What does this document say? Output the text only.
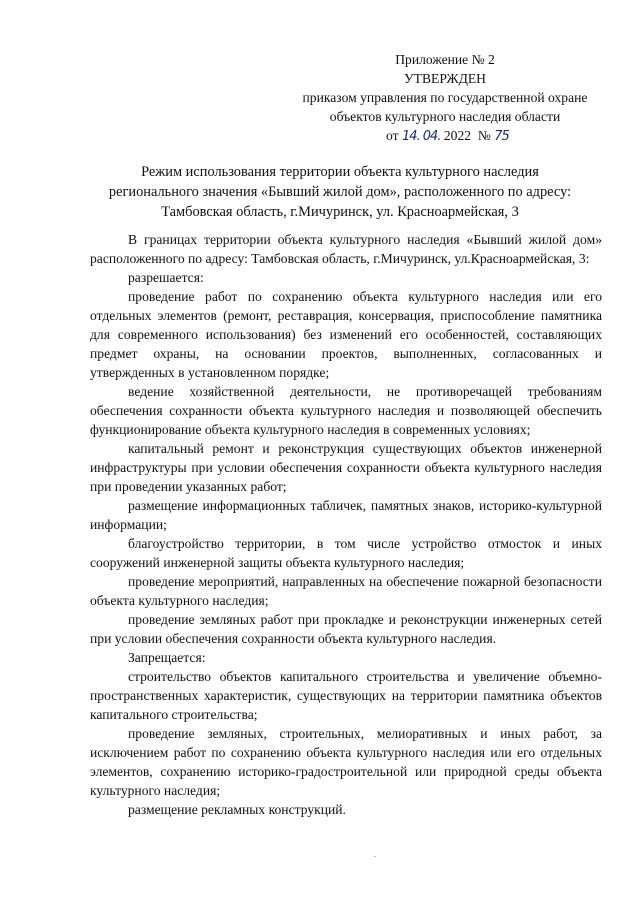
Приложение № 2
УТВЕРЖДЕН
приказом управления по государственной охране
объектов культурного наследия области
от 14. 04. 2022 № 75
Режим использования территории объекта культурного наследия
регионального значения «Бывший жилой дом», расположенного по адресу:
Тамбовская область, г.Мичуринск, ул. Красноармейская, 3

В границах территории объекта культурного наследия «Бывший жилой дом» расположенного по адресу: Тамбовская область, г.Мичуринск, ул.Красноармейская, 3:

разрешается:

проведение работ по сохранению объекта культурного наследия или его отдельных элементов (ремонт, реставрация, консервация, приспособление памятника для современного использования) без изменений его особенностей, составляющих предмет охраны, на основании проектов, выполненных, согласованных и утвержденных в установленном порядке;

ведение хозяйственной деятельности, не противоречащей требованиям обеспечения сохранности объекта культурного наследия и позволяющей обеспечить функционирование объекта культурного наследия в современных условиях;

капитальный ремонт и реконструкция существующих объектов инженерной инфраструктуры при условии обеспечения сохранности объекта культурного наследия при проведении указанных работ;

размещение информационных табличек, памятных знаков, историко-культурной информации;

благоустройство территории, в том числе устройство отмосток и иных сооружений инженерной защиты объекта культурного наследия;

проведение мероприятий, направленных на обеспечение пожарной безопасности объекта культурного наследия;

проведение земляных работ при прокладке и реконструкции инженерных сетей при условии обеспечения сохранности объекта культурного наследия.

Запрещается:

строительство объектов капитального строительства и увеличение объемно-пространственных характеристик, существующих на территории памятника объектов капитального строительства;

проведение земляных, строительных, мелиоративных и иных работ, за исключением работ по сохранению объекта культурного наследия или его отдельных элементов, сохранению историко-градостроительной или природной среды объекта культурного наследия;

размещение рекламных конструкций.
